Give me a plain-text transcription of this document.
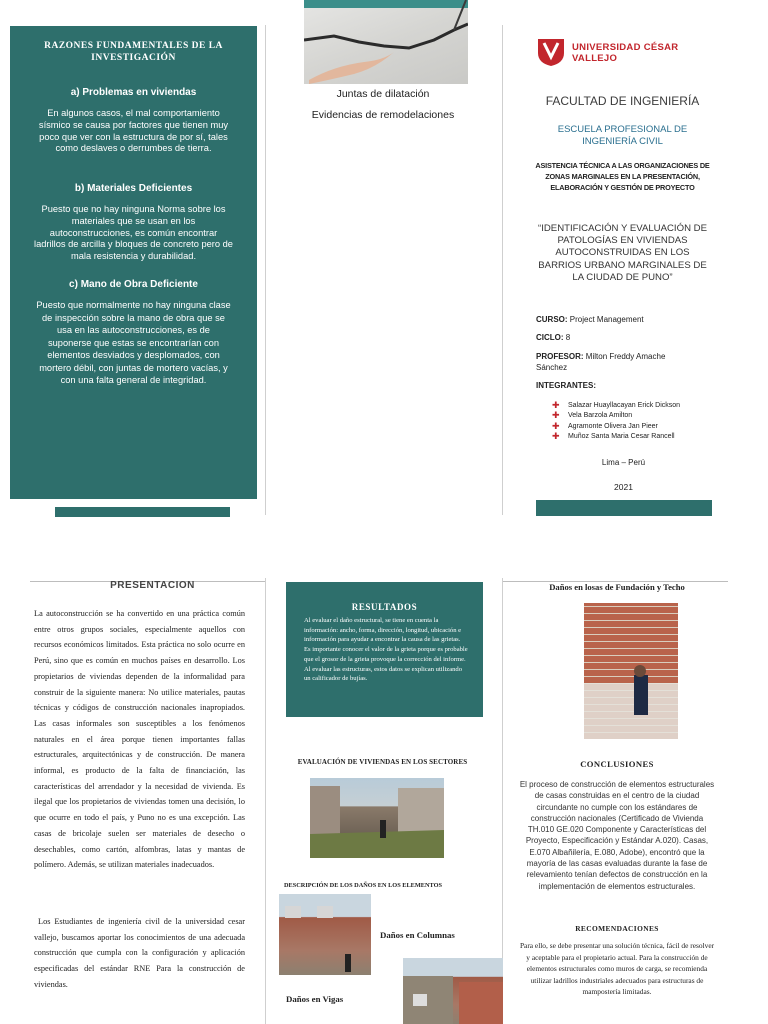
RAZONES FUNDAMENTALES DE LA INVESTIGACIÓN
a) Problemas en viviendas
En algunos casos, el mal comportamiento sísmico se causa por factores que tienen muy poco que ver con la estructura de por sí, tales como deslaves o derrumbes de tierra.
b) Materiales Deficientes
Puesto que no hay ninguna Norma sobre los materiales que se usan en los autoconstrucciones, es común encontrar ladrillos de arcilla y bloques de concreto pero de mala resistencia y durabilidad.
c) Mano de Obra Deficiente
Puesto que normalmente no hay ninguna clase de inspección sobre la mano de obra que se usa en las autoconstrucciones, es de suponerse que estas se encontrarían con elementos desviados y desplomados, con mortero débil, con juntas de mortero vacías, y con una falta general de integridad.
Juntas de dilatación
Evidencias de remodelaciones
UNIVERSIDAD CÉSAR VALLEJO
FACULTAD DE INGENIERÍA
ESCUELA PROFESIONAL DE INGENIERÍA CIVIL
ASISTENCIA TÉCNICA A LAS ORGANIZACIONES DE ZONAS MARGINALES EN LA PRESENTACIÓN, ELABORACIÓN Y GESTIÓN DE PROYECTO
“IDENTIFICACIÓN Y EVALUACIÓN DE PATOLOGÍAS EN VIVIENDAS AUTOCONSTRUIDAS EN LOS BARRIOS URBANO MARGINALES DE LA CIUDAD DE PUNO”
CURSO: Project Management
CICLO: 8
PROFESOR: Milton Freddy Amache Sánchez
INTEGRANTES:
✚ Salazar Huayllacayan Erick Dickson
✚ Vela Barzola Amilton
✚ Agramonte Olivera Jan Pieer
✚ Muñoz Santa Maria Cesar Rancell
Lima – Perú
2021
PRESENTACION
La autoconstrucción se ha convertido en una práctica común entre otros grupos sociales, especialmente aquellos con recursos económicos limitados. Esta práctica no solo ocurre en Perú, sino que es común en muchos países en desarrollo. Los propietarios de viviendas dependen de la informalidad para construir de la siguiente manera: No utilice materiales, pautas técnicas y códigos de construcción nacionales inapropiados. Las casas informales son susceptibles a los fenómenos naturales en el área porque tienen importantes fallas estructurales, arquitectónicas y de construcción. De manera informal, es producto de la falta de financiación, las características del arrendador y la necesidad de vivienda. Es ilegal que los propietarios de viviendas tomen una decisión, lo que ocurre en todo el país, y Puno no es una excepción. Las casas de bricolaje suelen ser materiales de desecho o desechables, como cartón, alfombras, latas y mantas de polímero. Además, se utilizan materiales inadecuados.
Los Estudiantes de ingeniería civil de la universidad cesar vallejo, buscamos aportar los conocimientos de una adecuada construcción que cumpla con la configuración y aplicación especificadas del estándar RNE Para la construcción de viviendas.
RESULTADOS
Al evaluar el daño estructural, se tiene en cuenta la información: ancho, forma, dirección, longitud, ubicación e información para ayudar a encontrar la causa de las grietas. Es importante conocer el valor de la grieta porque es probable que el grosor de la grieta provoque la corrección del informe. Al evaluar las estructuras, estos datos se explican utilizando un calificador de bujías.
EVALUACIÓN DE VIVIENDAS EN LOS SECTORES
DESCRIPCIÓN DE LOS DAÑOS EN LOS ELEMENTOS
Daños en Columnas
Daños en Vigas
Daños en losas de Fundación y Techo
CONCLUSIONES
El proceso de construcción de elementos estructurales de casas construidas en el centro de la ciudad circundante no cumple con los estándares de construcción nacionales (Certificado de Vivienda TH.010 GE.020 Componente y Características del Proyecto, Especificación y Estándar A.020). Casas, E.070 Albañilería, E.080, Adobe), encontró que la mayoría de las casas evaluadas durante la fase de relevamiento tenían defectos de construcción en la implementación de elementos estructurales.
RECOMENDACIONES
Para ello, se debe presentar una solución técnica, fácil de resolver y aceptable para el propietario actual. Para la construcción de elementos estructurales como muros de carga, se recomienda utilizar ladrillos industriales adecuados para estructuras de mampostería limitadas.
